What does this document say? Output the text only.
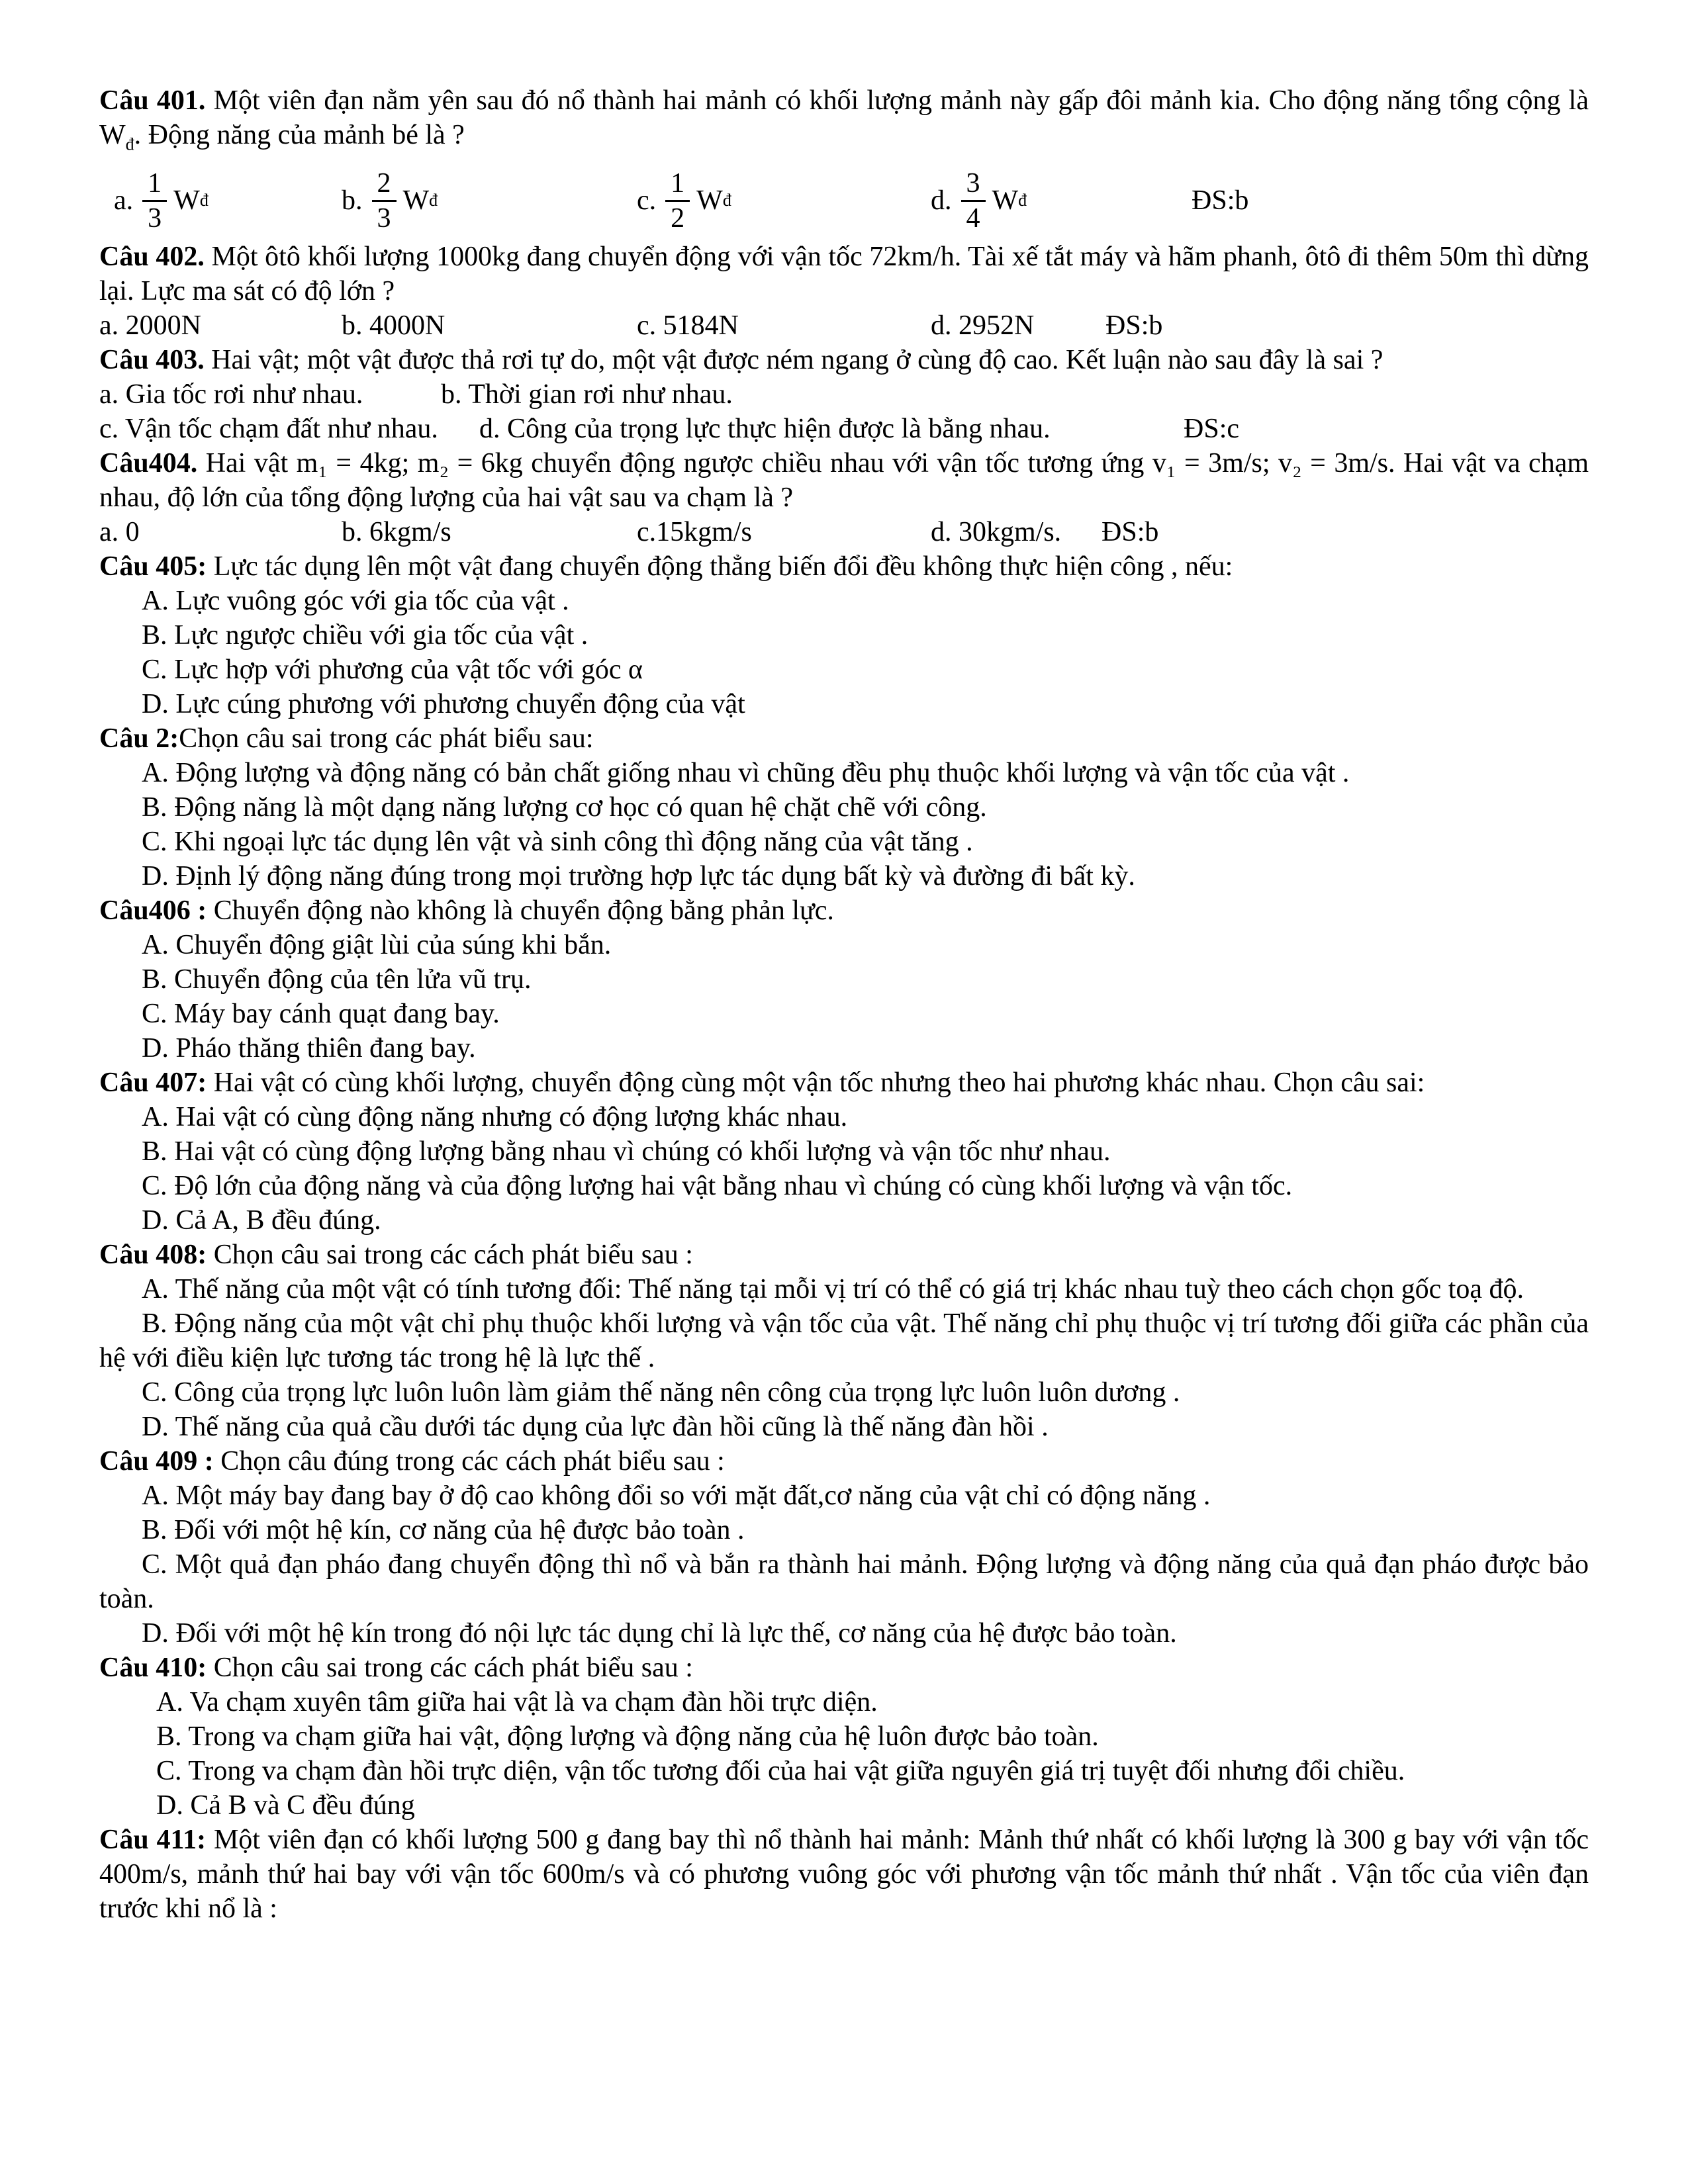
Câu 401. Một viên đạn nằm yên sau đó nổ thành hai mảnh có khối lượng mảnh này gấp đôi mảnh kia. Cho động năng tổng cộng là $W_đ$. Động năng của mảnh bé là ?

a. $\frac{1}{3}$ W đ	b. $\frac{2}{3}$ W đ	c. $\frac{1}{2}$ W đ	d. $\frac{3}{4}$ W đ	ĐS:b

Câu 402. Một ôtô khối lượng 1000kg đang chuyển động với vận tốc 72km/h. Tài xế tắt máy và hãm phanh, ôtô đi thêm 50m thì dừng lại. Lực ma sát có độ lớn ?

a. 2000N	b. 4000N	c. 5184N	d. 2952N	ĐS:b

Câu 403. Hai vật; một vật được thả rơi tự do, một vật được ném ngang ở cùng độ cao. Kết luận nào sau đây là sai ?

a. Gia tốc rơi như nhau.	b. Thời gian rơi như nhau.
c. Vận tốc chạm đất như nhau. d. Công của trọng lực thực hiện được là bằng nhau.	ĐS:c

Câu404. Hai vật m₁ = 4kg; m₂ = 6kg chuyển động ngược chiều nhau với vận tốc tương ứng v₁ = 3m/s; v₂ = 3m/s. Hai vật va chạm nhau, độ lớn của tổng động lượng của hai vật sau va chạm là ?

a. 0	b. 6kgm/s	c.15kgm/s	d. 30kgm/s. ĐS:b

Câu 405: Lực tác dụng lên một vật đang chuyển động thẳng biến đổi đều không thực hiện công , nếu:

A. Lực vuông góc với gia tốc của vật .

B. Lực ngược chiều với gia tốc của vật .

C. Lực hợp với phương của vật tốc với góc α

D. Lực cúng phương với phương chuyển động của vật

Câu 2:Chọn câu sai trong các phát biểu sau:

A. Động lượng và động năng có bản chất giống nhau vì chũng đều phụ thuộc khối lượng và vận tốc của vật .

B. Động năng là một dạng năng lượng cơ học có quan hệ chặt chẽ với công.

C. Khi ngoại lực tác dụng lên vật và sinh công thì động năng của vật tăng .

D. Định lý động năng đúng trong mọi trường hợp lực tác dụng bất kỳ và đường đi bất kỳ.

Câu406 : Chuyển động nào không là chuyển động bằng phản lực.

A. Chuyển động giật lùi của súng khi bắn.

B. Chuyển động của tên lửa vũ trụ.

C. Máy bay cánh quạt đang bay.

D. Pháo thăng thiên đang bay.

Câu 407: Hai vật có cùng khối lượng, chuyển động cùng một vận tốc nhưng theo hai phương khác nhau. Chọn câu sai:

A. Hai vật có cùng động năng nhưng có động lượng khác nhau.

B. Hai vật có cùng động lượng bằng nhau vì chúng có khối lượng và vận tốc như nhau.

C. Độ lớn của động năng và của động lượng hai vật bằng nhau vì chúng có cùng khối lượng và vận tốc.

D. Cả A, B đều đúng.

Câu 408: Chọn câu sai trong các cách phát biểu sau :

A. Thế năng của một vật có tính tương đối: Thế năng tại mỗi vị trí có thể có giá trị khác nhau tuỳ theo cách chọn gốc toạ độ.

B. Động năng của một vật chỉ phụ thuộc khối lượng và vận tốc của vật. Thế năng chỉ phụ thuộc vị trí tương đối giữa các phần của hệ với điều kiện lực tương tác trong hệ là lực thế .

C. Công của trọng lực luôn luôn làm giảm thế năng nên công của trọng lực luôn luôn dương .

D. Thế năng của quả cầu dưới tác dụng của lực đàn hồi cũng là thế năng đàn hồi .

Câu 409 : Chọn câu đúng trong các cách phát biểu sau :

A. Một máy bay đang bay ở độ cao không đổi so với mặt đất,cơ năng của vật chỉ có động năng .

B. Đối với một hệ kín, cơ năng của hệ được bảo toàn .

C. Một quả đạn pháo đang chuyển động thì nổ và bắn ra thành hai mảnh. Động lượng và động năng của quả đạn pháo được bảo toàn.

D. Đối với một hệ kín trong đó nội lực tác dụng chỉ là lực thế, cơ năng của hệ được bảo toàn.

Câu 410: Chọn câu sai trong các cách phát biểu sau :

A. Va chạm xuyên tâm giữa hai vật là va chạm đàn hồi trực diện.

B. Trong va chạm giữa hai vật, động lượng và động năng của hệ luôn được bảo toàn.

C. Trong va chạm đàn hồi trực diện, vận tốc tương đối của hai vật giữa nguyên giá trị tuyệt đối nhưng đổi chiều.

D. Cả B và C đều đúng

Câu 411: Một viên đạn có khối lượng 500 g đang bay thì nổ thành hai mảnh: Mảnh thứ nhất có khối lượng là 300 g bay với vận tốc 400m/s, mảnh thứ hai bay với vận tốc 600m/s và có phương vuông góc với phương vận tốc mảnh thứ nhất . Vận tốc của viên đạn trước khi nổ là :
